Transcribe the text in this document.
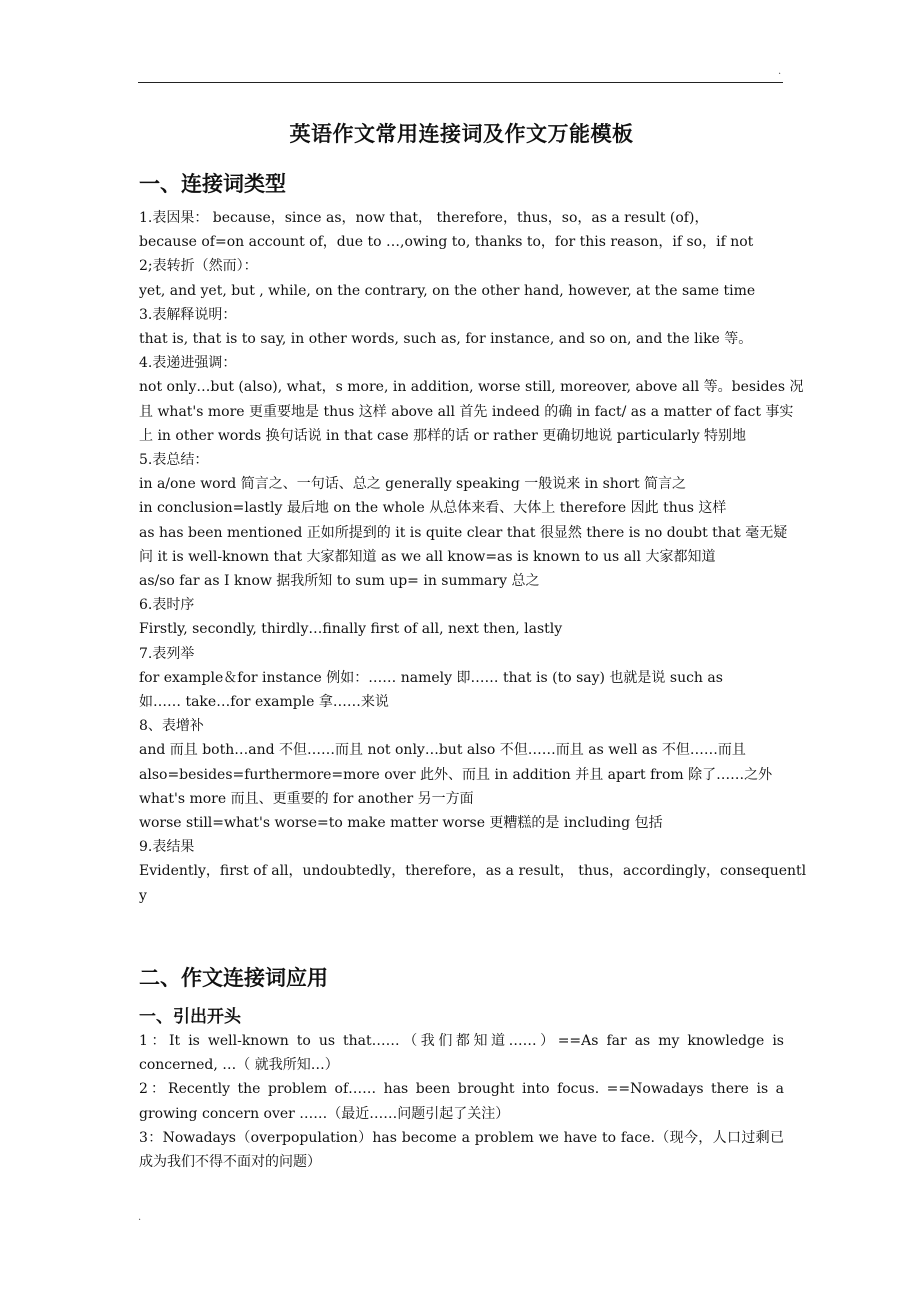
.
英语作文常用连接词及作文万能模板
一、连接词类型
1.表因果： because，since as，now that， therefore，thus，so，as a result (of)，
because of=on account of，due to …,owing to, thanks to，for this reason，if so，if not
2;表转折（然而）：
yet, and yet, but , while, on the contrary, on the other hand, however, at the same time
3.表解释说明：
that is, that is to say, in other words, such as, for instance, and so on, and the like 等。
4.表递进强调：
not only…but (also), what，s more, in addition, worse still, moreover, above all 等。besides 况
且 what's more 更重要地是 thus 这样 above all 首先 indeed 的确 in fact/ as a matter of fact 事实
上 in other words 换句话说 in that case 那样的话 or rather 更确切地说 particularly 特别地
5.表总结：
in a/one word 简言之、一句话、总之 generally speaking 一般说来 in short 简言之
in conclusion=lastly 最后地 on the whole 从总体来看、大体上 therefore 因此 thus 这样
as has been mentioned 正如所提到的 it is quite clear that 很显然 there is no doubt that 毫无疑
问 it is well-known that 大家都知道 as we all know=as is known to us all 大家都知道
as/so far as I know 据我所知 to sum up= in summary 总之
6.表时序
Firstly, secondly, thirdly…finally first of all, next then, lastly
7.表列举
for example＆for instance 例如：…… namely 即…… that is (to say) 也就是说 such as
如…… take…for example 拿……来说
8、表增补
and 而且 both…and 不但……而且 not only…but also 不但……而且 as well as 不但……而且
also=besides=furthermore=more over 此外、而且 in addition 并且 apart from 除了……之外
what's more 而且、更重要的 for another 另一方面
worse still=what's worse=to make matter worse 更糟糕的是 including 包括
9.表结果
Evidently，first of all，undoubtedly，therefore，as a result， thus，accordingly，consequentl
y
二、作文连接词应用
一、引出开头
1：It is well-known to us that……（我们都知道……）==As far as my knowledge is concerned, …（ 就我所知…）
2：Recently the problem of…… has been brought into focus. ==Nowadays there is a growing concern over ……（最近……问题引起了关注）
3：Nowadays（overpopulation）has become a problem we have to face.（现今，人口过剩已成为我们不得不面对的问题）
.
